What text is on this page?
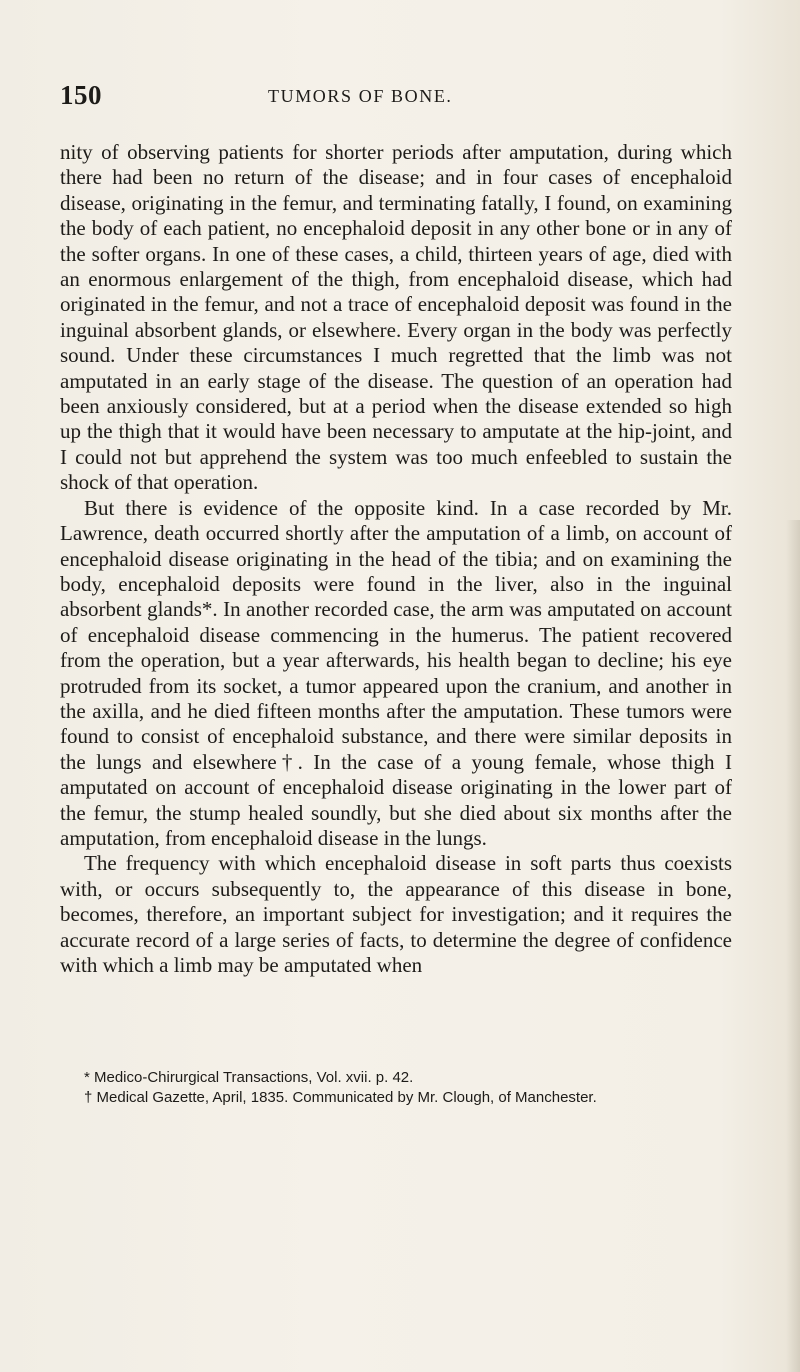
150	TUMORS OF BONE.

nity of observing patients for shorter periods after amputation, during which there had been no return of the disease; and in four cases of encephaloid disease, originating in the femur, and terminating fatally, I found, on examining the body of each patient, no encephaloid deposit in any other bone or in any of the softer organs. In one of these cases, a child, thirteen years of age, died with an enormous enlargement of the thigh, from encephaloid disease, which had originated in the femur, and not a trace of encephaloid deposit was found in the inguinal absorbent glands, or elsewhere. Every organ in the body was perfectly sound. Under these circumstances I much regretted that the limb was not amputated in an early stage of the disease. The question of an operation had been anxiously considered, but at a period when the disease extended so high up the thigh that it would have been necessary to amputate at the hip-joint, and I could not but apprehend the system was too much enfeebled to sustain the shock of that operation.

But there is evidence of the opposite kind. In a case recorded by Mr. Lawrence, death occurred shortly after the amputation of a limb, on account of encephaloid disease originating in the head of the tibia; and on examining the body, encephaloid deposits were found in the liver, also in the inguinal absorbent glands*. In another recorded case, the arm was amputated on account of encephaloid disease commencing in the humerus. The patient recovered from the operation, but a year afterwards, his health began to decline; his eye protruded from its socket, a tumor appeared upon the cranium, and another in the axilla, and he died fifteen months after the amputation. These tumors were found to consist of encephaloid substance, and there were similar deposits in the lungs and elsewhere†. In the case of a young female, whose thigh I amputated on account of encephaloid disease originating in the lower part of the femur, the stump healed soundly, but she died about six months after the amputation, from encephaloid disease in the lungs.

The frequency with which encephaloid disease in soft parts thus coexists with, or occurs subsequently to, the appearance of this disease in bone, becomes, therefore, an important subject for investigation; and it requires the accurate record of a large series of facts, to determine the degree of confidence with which a limb may be amputated when

* Medico-Chirurgical Transactions, Vol. xvii. p. 42.
† Medical Gazette, April, 1835. Communicated by Mr. Clough, of Manchester.
